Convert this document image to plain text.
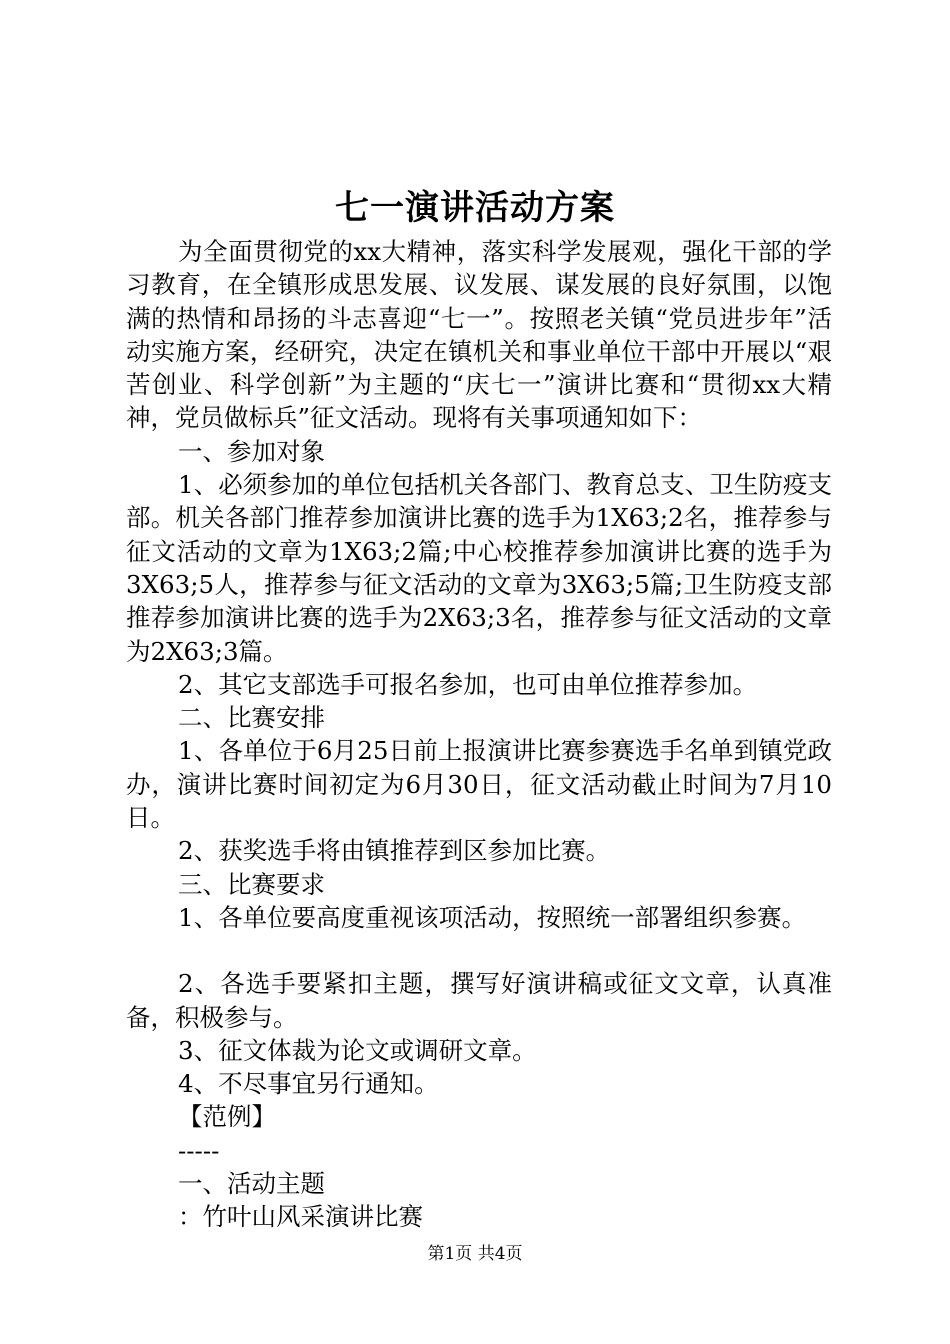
七一演讲活动方案

为全面贯彻党的xx大精神，落实科学发展观，强化干部的学习教育，在全镇形成思发展、议发展、谋发展的良好氛围，以饱满的热情和昂扬的斗志喜迎“七一”。按照老关镇“党员进步年”活动实施方案，经研究，决定在镇机关和事业单位干部中开展以“艰苦创业、科学创新”为主题的“庆七一”演讲比赛和“贯彻xx大精神，党员做标兵”征文活动。现将有关事项通知如下：

一、参加对象

1、必须参加的单位包括机关各部门、教育总支、卫生防疫支部。机关各部门推荐参加演讲比赛的选手为1X63;2名，推荐参与征文活动的文章为1X63;2篇;中心校推荐参加演讲比赛的选手为3X63;5人，推荐参与征文活动的文章为3X63;5篇;卫生防疫支部推荐参加演讲比赛的选手为2X63;3名，推荐参与征文活动的文章为2X63;3篇。

2、其它支部选手可报名参加，也可由单位推荐参加。

二、比赛安排

1、各单位于6月25日前上报演讲比赛参赛选手名单到镇党政办，演讲比赛时间初定为6月30日，征文活动截止时间为7月10日。

2、获奖选手将由镇推荐到区参加比赛。

三、比赛要求

1、各单位要高度重视该项活动，按照统一部署组织参赛。

2、各选手要紧扣主题，撰写好演讲稿或征文文章，认真准备，积极参与。

3、征文体裁为论文或调研文章。

4、不尽事宜另行通知。

【范例】

-----

一、活动主题

：竹叶山风采演讲比赛

第1页 共4页
